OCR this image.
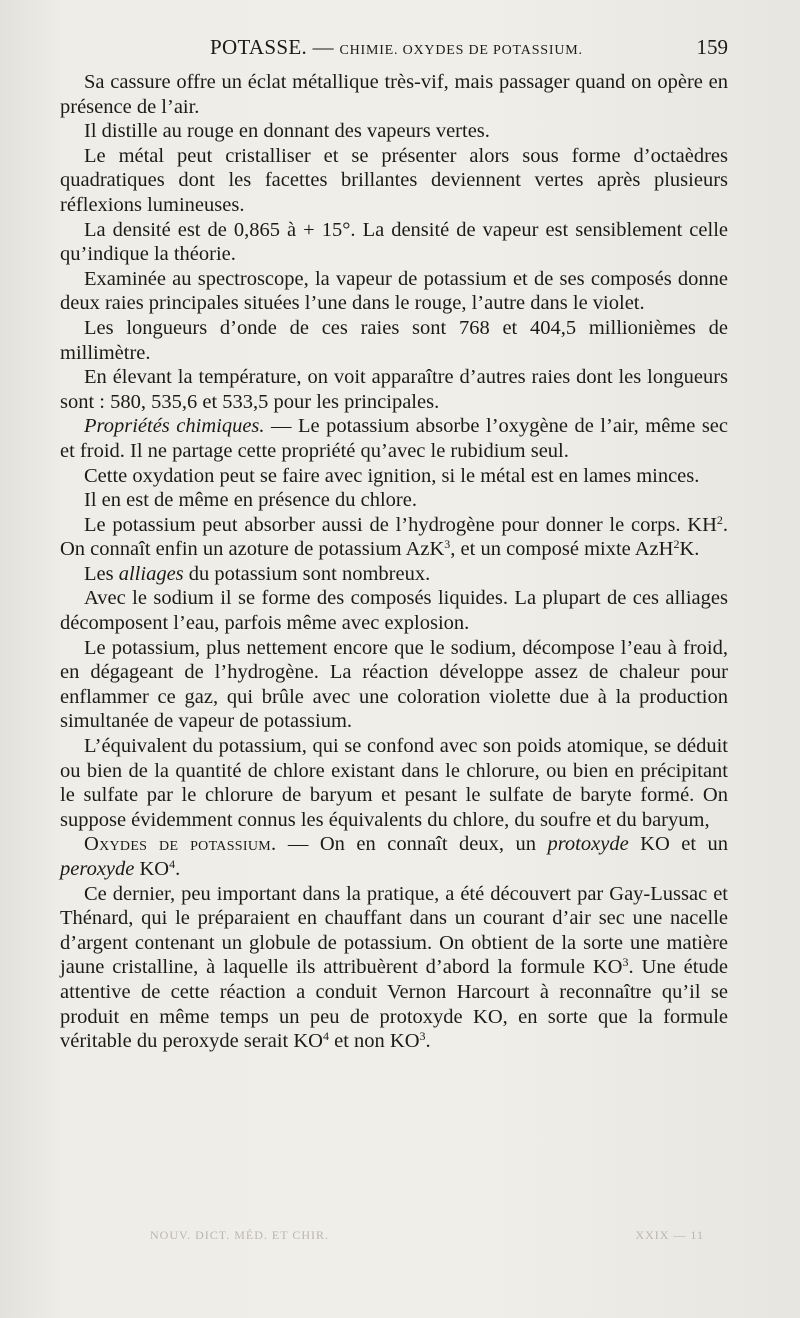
POTASSE. — CHIMIE. OXYDES DE POTASSIUM.	159

Sa cassure offre un éclat métallique très-vif, mais passager quand on opère en présence de l’air.

Il distille au rouge en donnant des vapeurs vertes.

Le métal peut cristalliser et se présenter alors sous forme d’octaèdres quadratiques dont les facettes brillantes deviennent vertes après plusieurs réflexions lumineuses.

La densité est de 0,865 à + 15°. La densité de vapeur est sensiblement celle qu’indique la théorie.

Examinée au spectroscope, la vapeur de potassium et de ses composés donne deux raies principales situées l’une dans le rouge, l’autre dans le violet.

Les longueurs d’onde de ces raies sont 768 et 404,5 millionièmes de millimètre.

En élevant la température, on voit apparaître d’autres raies dont les longueurs sont : 580, 535,6 et 533,5 pour les principales.

Propriétés chimiques. — Le potassium absorbe l’oxygène de l’air, même sec et froid. Il ne partage cette propriété qu’avec le rubidium seul.

Cette oxydation peut se faire avec ignition, si le métal est en lames minces.

Il en est de même en présence du chlore.

Le potassium peut absorber aussi de l’hydrogène pour donner le corps. $KH^2$. On connaît enfin un azoture de potassium AzK$^3$, et un composé mixte AzH$^2$K.

Les alliages du potassium sont nombreux.

Avec le sodium il se forme des composés liquides. La plupart de ces alliages décomposent l’eau, parfois même avec explosion.

Le potassium, plus nettement encore que le sodium, décompose l’eau à froid, en dégageant de l’hydrogène. La réaction développe assez de chaleur pour enflammer ce gaz, qui brûle avec une coloration violette due à la production simultanée de vapeur de potassium.

L’équivalent du potassium, qui se confond avec son poids atomique, se déduit ou bien de la quantité de chlore existant dans le chlorure, ou bien en précipitant le sulfate par le chlorure de baryum et pesant le sulfate de baryte formé. On suppose évidemment connus les équivalents du chlore, du soufre et du baryum,

Oxydes de potassium. — On en connaît deux, un protoxyde KO et un peroxyde $KO^4$.

Ce dernier, peu important dans la pratique, a été découvert par Gay-Lussac et Thénard, qui le préparaient en chauffant dans un courant d’air sec une nacelle d’argent contenant un globule de potassium. On obtient de la sorte une matière jaune cristalline, à laquelle ils attribuèrent d’abord la formule $KO^3$. Une étude attentive de cette réaction a conduit Vernon Harcourt à reconnaître qu’il se produit en même temps un peu de protoxyde KO, en sorte que la formule véritable du peroxyde serait $KO^4$ et non $KO^3$.

NOUV. DICT. MÉD. ET CHIR.	XXIX — 11
